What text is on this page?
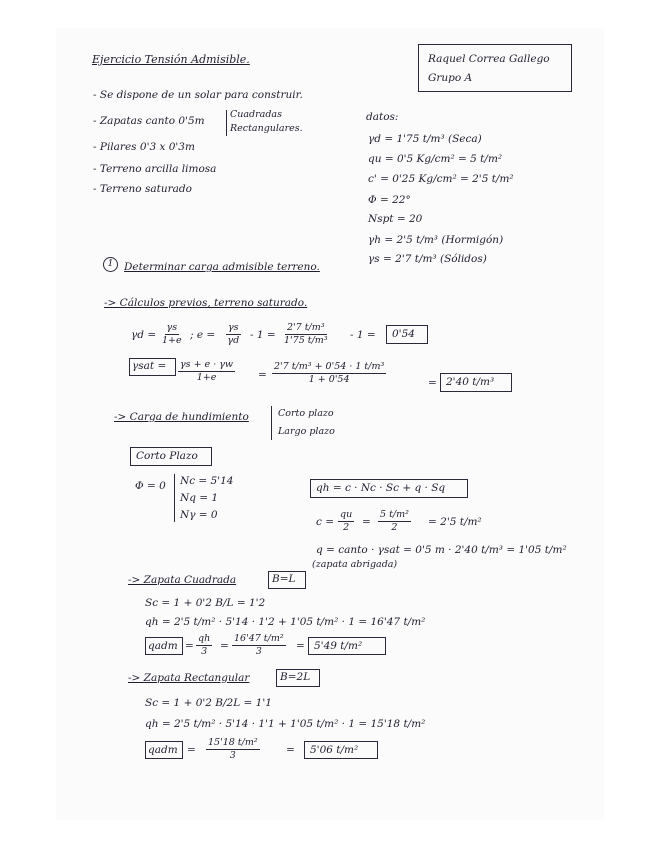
Ejercicio Tensión Admisible.	Raquel Correa Gallego
Grupo A
- Se dispone de un solar para construir.
- Zapatas canto 0'5m
Cuadradas
Rectangulares.
- Pilares 0'3 x 0'3m
- Terreno arcilla limosa
- Terreno saturado
datos:
γd = 1'75 t/m³ (Seca)
qu = 0'5 Kg/cm² = 5 t/m²
c' = 0'25 Kg/cm² = 2'5 t/m²
Φ = 22°
Nspt = 20
γh = 2'5 t/m³ (Hormigón)
γs = 2'7 t/m³ (Sólidos)
1	Determinar carga admisible terreno.
-> Cálculos previos, terreno saturado.
$\gamma d = \frac{\gamma s}{1+e}$ ; $e = \frac{\gamma s}{\gamma d} - 1 = \frac{\text{2'7 t/m³}}{\text{1'75 t/m³}} - 1 = 0'54$
$\gamma sat = \frac{\gamma s + e \cdot \gamma w}{1+e} = \frac{\text{2'7 t/m³ + 0'54 · 1 t/m³}}{1 + 0'54}$	= 2'40 t/m³
-> Carga de hundimiento	Corto plazo
Largo plazo
Corto Plazo
Φ = 0 Nc = 5'14
Nq = 1
Nγ = 0
qh = c · Nc · Sc + q · Sq
$c = \frac{qu}{2} = \frac{\text{5 t/m²}}{2} = 2'5$ t/m²
q = canto · γsat = 0'5 m · 2'40 t/m³ = 1'05 t/m²
(zapata abrigada)
-> Zapata Cuadrada	B=L
Sc = 1 + 0'2 B/L = 1'2
qh = 2'5 t/m² · 5'14 · 1'2 + 1'05 t/m² · 1 = 16'47 t/m²
qadm = $\frac{qh}{3} = \frac{\text{16'47 t/m²}}{3} = 5'49$ t/m²
-> Zapata Rectangular	B=2L
Sc = 1 + 0'2 B/2L = 1'1
qh = 2'5 t/m² · 5'14 · 1'1 + 1'05 t/m² · 1 = 15'18 t/m²
qadm = $\frac{\text{15'18 t/m²}}{3}$	= 5'06 t/m²
